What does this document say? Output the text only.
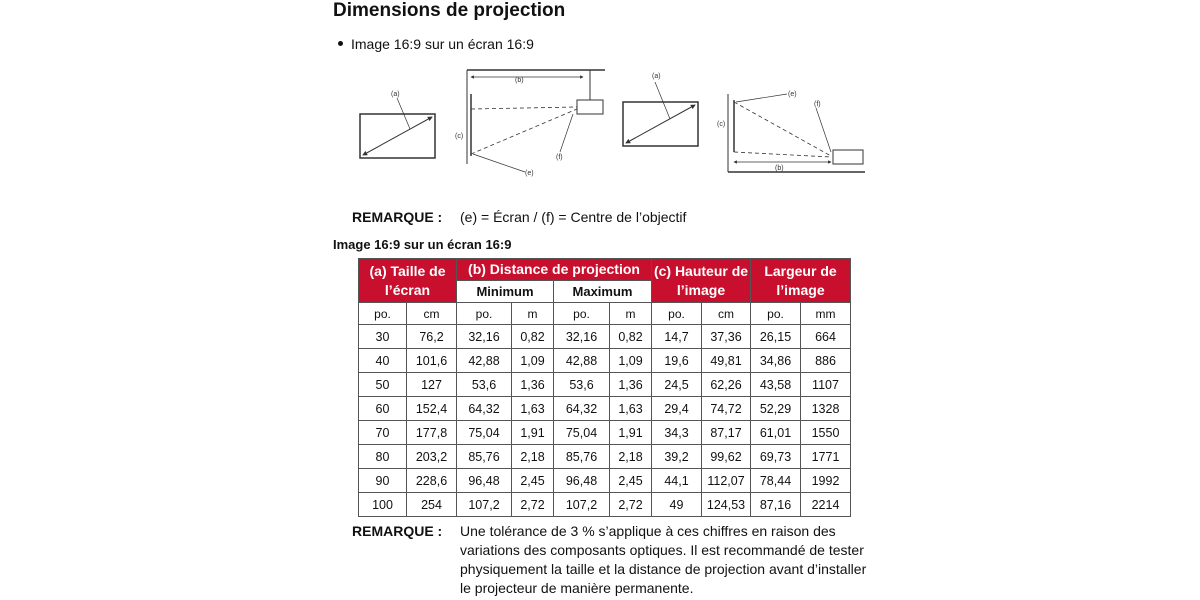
Dimensions de projection
Image 16:9 sur un écran 16:9
(a)
(b)
(c)
(e)
(f)
(a)
(c)
(e)
(f)
(b)
REMARQUE : (e) = Écran / (f) = Centre de l’objectif
Image 16:9 sur un écran 16:9
(a) Taille de l’écran		(b) Distance de projection				(c) Hauteur de l’image		Largeur de l’image	
		Minimum		Maximum					
po.	cm	po.	m	po.	m	po.	cm	po.	mm
30	76,2	32,16	0,82	32,16	0,82	14,7	37,36	26,15	664
40	101,6	42,88	1,09	42,88	1,09	19,6	49,81	34,86	886
50	127	53,6	1,36	53,6	1,36	24,5	62,26	43,58	1107
60	152,4	64,32	1,63	64,32	1,63	29,4	74,72	52,29	1328
70	177,8	75,04	1,91	75,04	1,91	34,3	87,17	61,01	1550
80	203,2	85,76	2,18	85,76	2,18	39,2	99,62	69,73	1771
90	228,6	96,48	2,45	96,48	2,45	44,1	112,07	78,44	1992
100	254	107,2	2,72	107,2	2,72	49	124,53	87,16	2214
REMARQUE :	Une tolérance de 3 % s’applique à ces chiffres en raison des variations des composants optiques. Il est recommandé de tester physiquement la taille et la distance de projection avant d’installer le projecteur de manière permanente.
